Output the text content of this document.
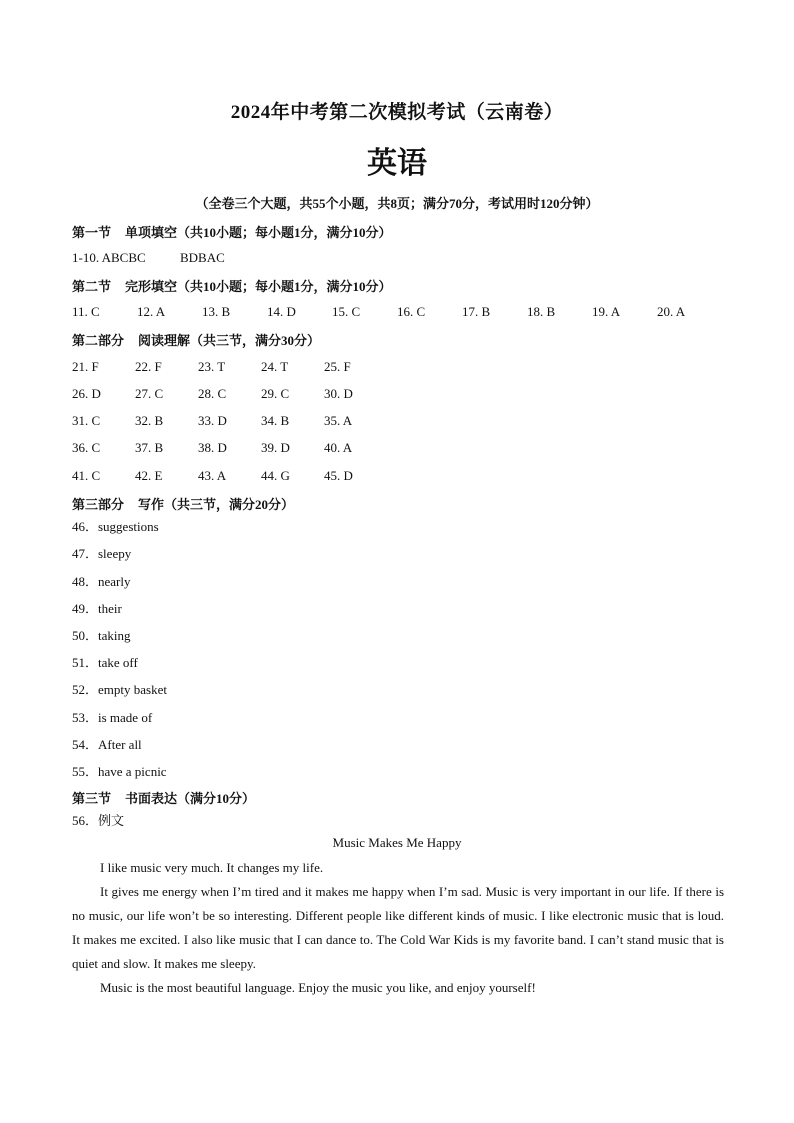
2024年中考第二次模拟考试（云南卷）
英语
（全卷三个大题，共55个小题，共8页；满分70分，考试用时120分钟）
第一节 单项填空（共10小题；每小题1分，满分10分）
1-10. ABCBC	BDBAC
第二节 完形填空（共10小题；每小题1分，满分10分）
11. C	12. A	13. B	14. D	15. C	16. C	17. B	18. B	19. A	20. A
第二部分 阅读理解（共三节，满分30分）
21. F	22. F	23. T	24. T	25. F
26. D	27. C	28. C	29. C	30. D
31. C	32. B	33. D	34. B	35. A
36. C	37. B	38. D	39. D	40. A
41. C	42. E	43. A	44. G	45. D
第三部分 写作（共三节，满分20分）
46．suggestions
47．sleepy
48．nearly
49．their
50．taking
51．take off
52．empty basket
53．is made of
54．After all
55．have a picnic
第三节 书面表达（满分10分）
56．例文
Music Makes Me Happy

I like music very much. It changes my life.

It gives me energy when I’m tired and it makes me happy when I’m sad. Music is very important in our life. If there is no music, our life won’t be so interesting. Different people like different kinds of music. I like electronic music that is loud. It makes me excited. I also like music that I can dance to. The Cold War Kids is my favorite band. I can’t stand music that is quiet and slow. It makes me sleepy.

Music is the most beautiful language. Enjoy the music you like, and enjoy yourself!
